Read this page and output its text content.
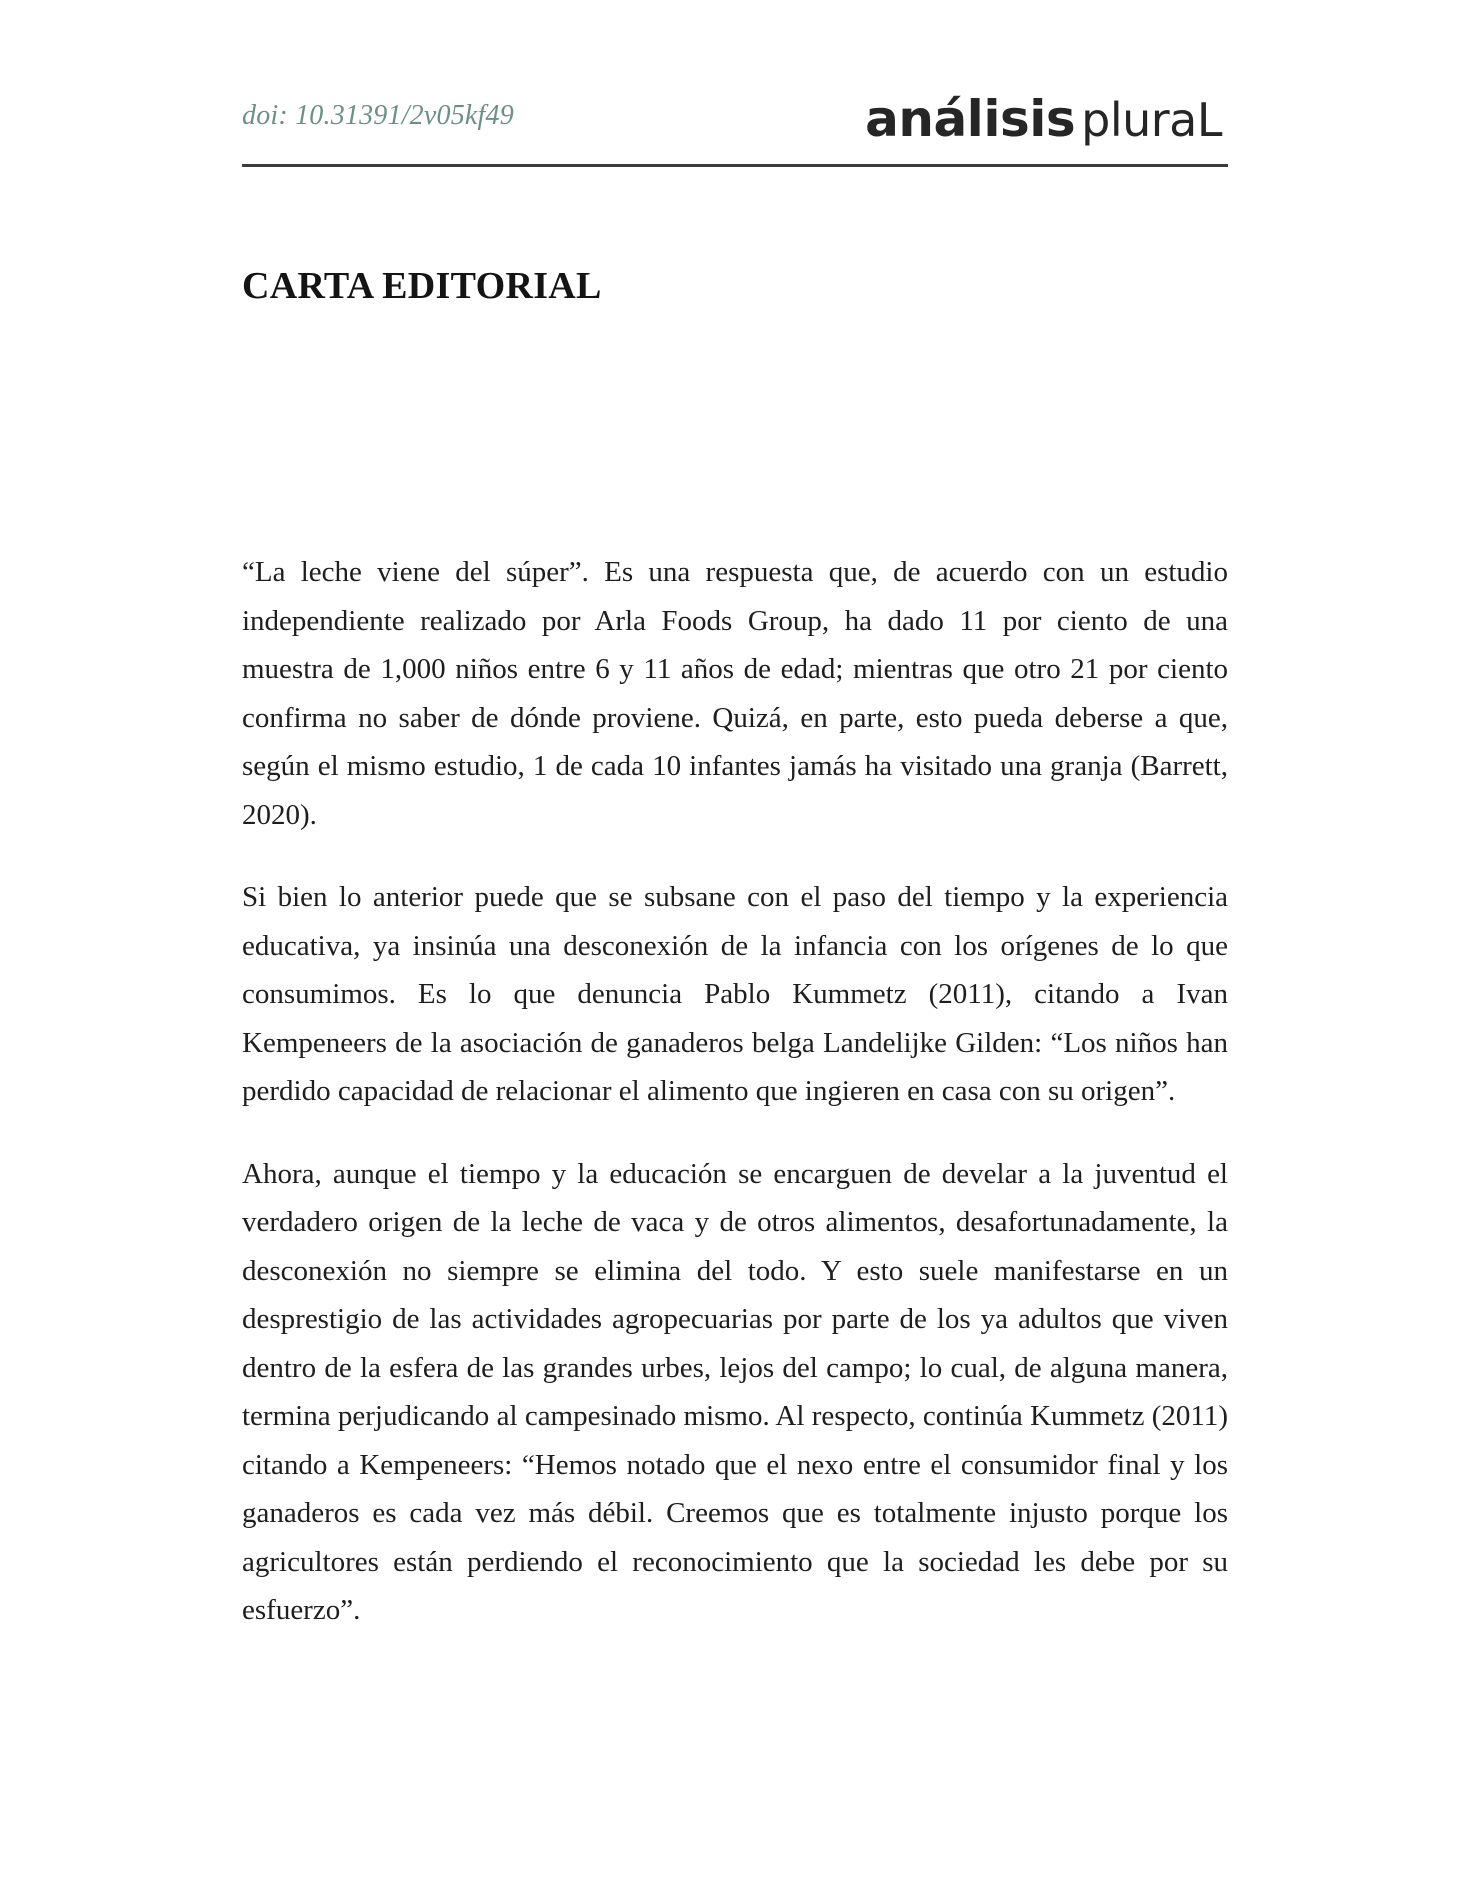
doi: 10.31391/2v05kf49	análisis pluraL
CARTA EDITORIAL

“La leche viene del súper”. Es una respuesta que, de acuerdo con un estudio independiente realizado por Arla Foods Group, ha dado 11 por ciento de una muestra de 1,000 niños entre 6 y 11 años de edad; mientras que otro 21 por ciento confirma no saber de dónde proviene. Quizá, en parte, esto pueda deberse a que, según el mismo estudio, 1 de cada 10 infantes jamás ha visitado una granja (Barrett, 2020).

Si bien lo anterior puede que se subsane con el paso del tiempo y la experiencia educativa, ya insinúa una desconexión de la infancia con los orígenes de lo que consumimos. Es lo que denuncia Pablo Kummetz (2011), citando a Ivan Kempeneers de la asociación de ganaderos belga Landelijke Gilden: “Los niños han perdido capacidad de relacionar el alimento que ingieren en casa con su origen”.

Ahora, aunque el tiempo y la educación se encarguen de develar a la juventud el verdadero origen de la leche de vaca y de otros alimentos, desafortunadamente, la desconexión no siempre se elimina del todo. Y esto suele manifestarse en un desprestigio de las actividades agropecuarias por parte de los ya adultos que viven dentro de la esfera de las grandes urbes, lejos del campo; lo cual, de alguna manera, termina perjudicando al campesinado mismo. Al respecto, continúa Kummetz (2011) citando a Kempeneers: “Hemos notado que el nexo entre el consumidor final y los ganaderos es cada vez más débil. Creemos que es totalmente injusto porque los agricultores están perdiendo el reconocimiento que la sociedad les debe por su esfuerzo”.
